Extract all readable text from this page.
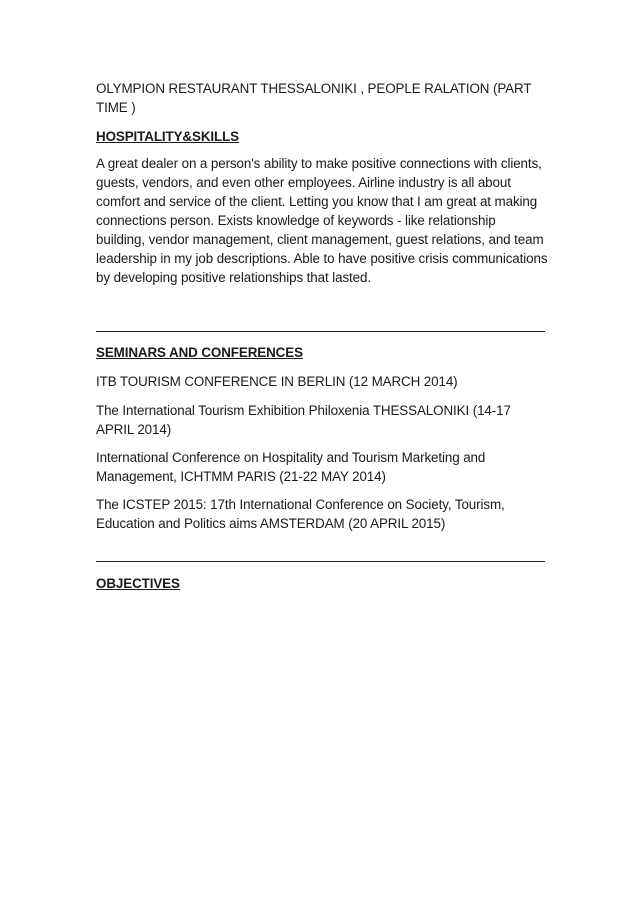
OLYMPION RESTAURANT THESSALONIKI , PEOPLE RALATION (PART TIME )

HOSPITALITY&SKILLS

A great dealer on a person's ability to make positive connections with clients, guests, vendors, and even other employees. Airline industry is all about comfort and service of the client. Letting you know that I am great at making connections person. Exists knowledge of keywords - like relationship building, vendor management, client management, guest relations, and team leadership in my job descriptions. Able to have positive crisis communications by developing positive relationships that lasted.

SEMINARS AND CONFERENCES

ITB TOURISM CONFERENCE IN BERLIN (12 MARCH 2014)

The International Tourism Exhibition Philoxenia THESSALONIKI (14-17 APRIL 2014)

International Conference on Hospitality and Tourism Marketing and Management, ICHTMM PARIS (21-22 MAY 2014)

The ICSTEP 2015: 17th International Conference on Society, Tourism, Education and Politics aims AMSTERDAM (20 APRIL 2015)

OBJECTIVES
